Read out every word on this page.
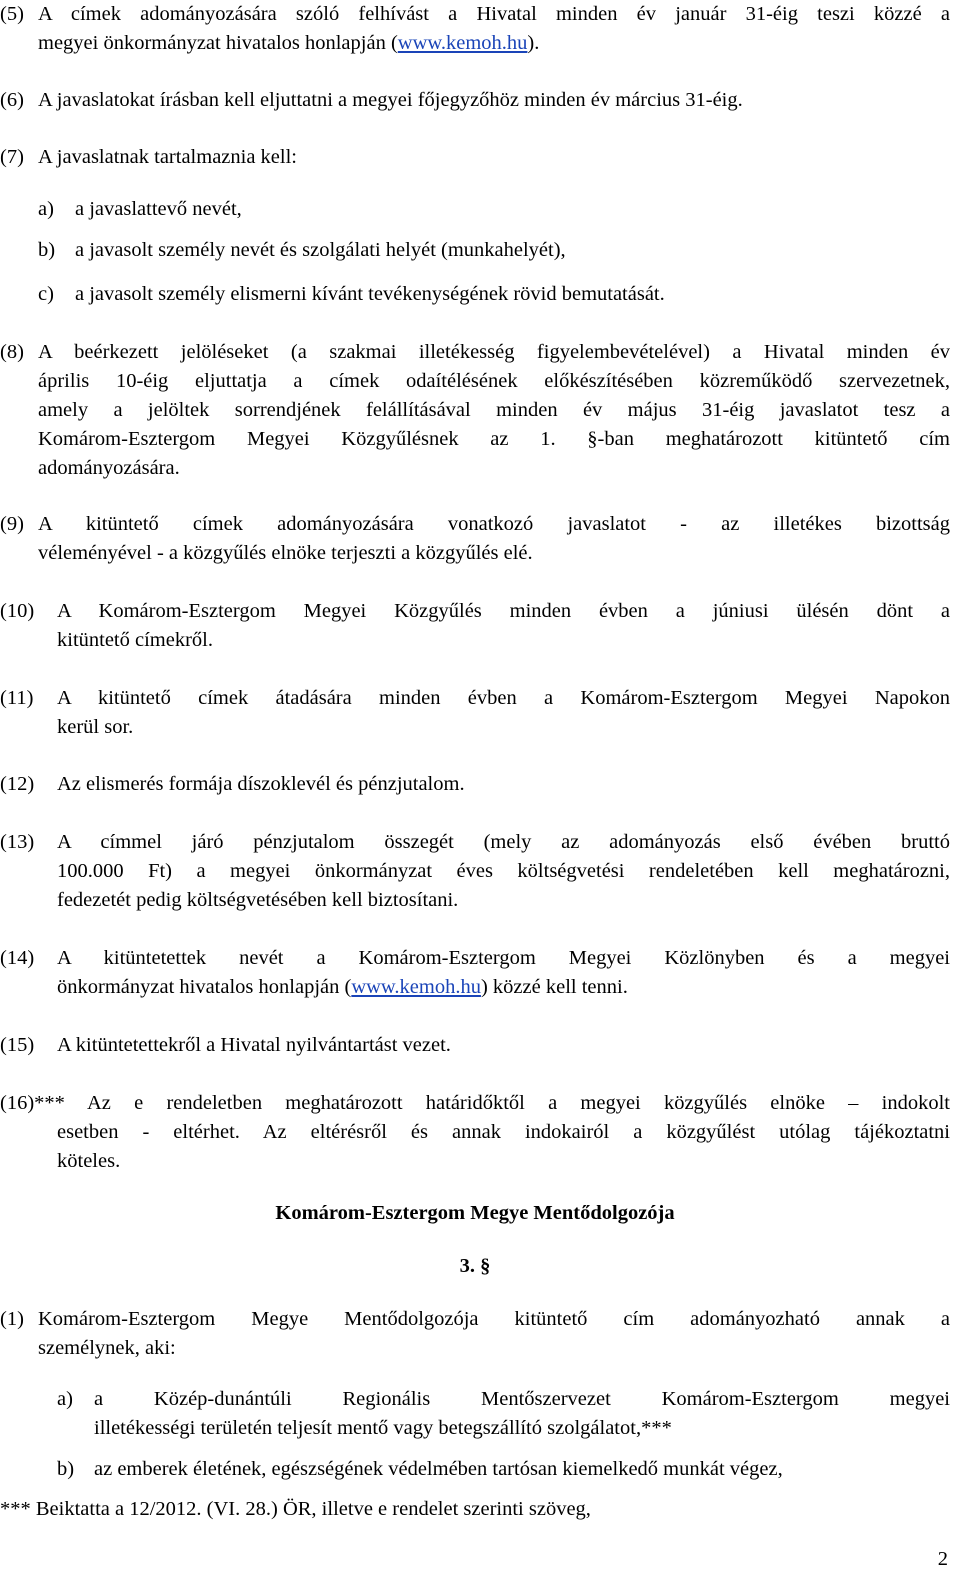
(5) A címek adományozására szóló felhívást a Hivatal minden év január 31-éig teszi közzé a
megyei önkormányzat hivatalos honlapján (www.kemoh.hu).
(6) A javaslatokat írásban kell eljuttatni a megyei főjegyzőhöz minden év március 31-éig.
(7) A javaslatnak tartalmaznia kell:
a) a javaslattevő nevét,
b) a javasolt személy nevét és szolgálati helyét (munkahelyét),
c) a javasolt személy elismerni kívánt tevékenységének rövid bemutatását.
(8) A beérkezett jelöléseket (a szakmai illetékesség figyelembevételével) a Hivatal minden év
április 10-éig eljuttatja a címek odaítélésének előkészítésében közreműködő szervezetnek,
amely a jelöltek sorrendjének felállításával minden év május 31-éig javaslatot tesz a
Komárom-Esztergom Megyei Közgyűlésnek az 1. §-ban meghatározott kitüntető cím
adományozására.
(9) A kitüntető címek adományozására vonatkozó javaslatot - az illetékes bizottság
véleményével - a közgyűlés elnöke terjeszti a közgyűlés elé.
(10) A Komárom-Esztergom Megyei Közgyűlés minden évben a júniusi ülésén dönt a
kitüntető címekről.
(11) A kitüntető címek átadására minden évben a Komárom-Esztergom Megyei Napokon
kerül sor.
(12) Az elismerés formája díszoklevél és pénzjutalom.
(13) A címmel járó pénzjutalom összegét (mely az adományozás első évében bruttó
100.000 Ft) a megyei önkormányzat éves költségvetési rendeletében kell meghatározni,
fedezetét pedig költségvetésében kell biztosítani.
(14) A kitüntetettek nevét a Komárom-Esztergom Megyei Közlönyben és a megyei
önkormányzat hivatalos honlapján (www.kemoh.hu) közzé kell tenni.
(15) A kitüntetettekről a Hivatal nyilvántartást vezet.
(16)***	Az e rendeletben meghatározott határidőktől a megyei közgyűlés elnöke – indokolt
esetben - eltérhet. Az eltérésről és annak indokairól a közgyűlést utólag tájékoztatni
köteles.
Komárom-Esztergom Megye Mentődolgozója
3. §
(1) Komárom-Esztergom Megye Mentődolgozója kitüntető cím adományozható annak a
személynek, aki:
a) a Közép-dunántúli Regionális Mentőszervezet Komárom-Esztergom megyei
illetékességi területén teljesít mentő vagy betegszállító szolgálatot,***
b) az emberek életének, egészségének védelmében tartósan kiemelkedő munkát végez,
*** Beiktatta a 12/2012. (VI. 28.) ÖR, illetve e rendelet szerinti szöveg,
2
